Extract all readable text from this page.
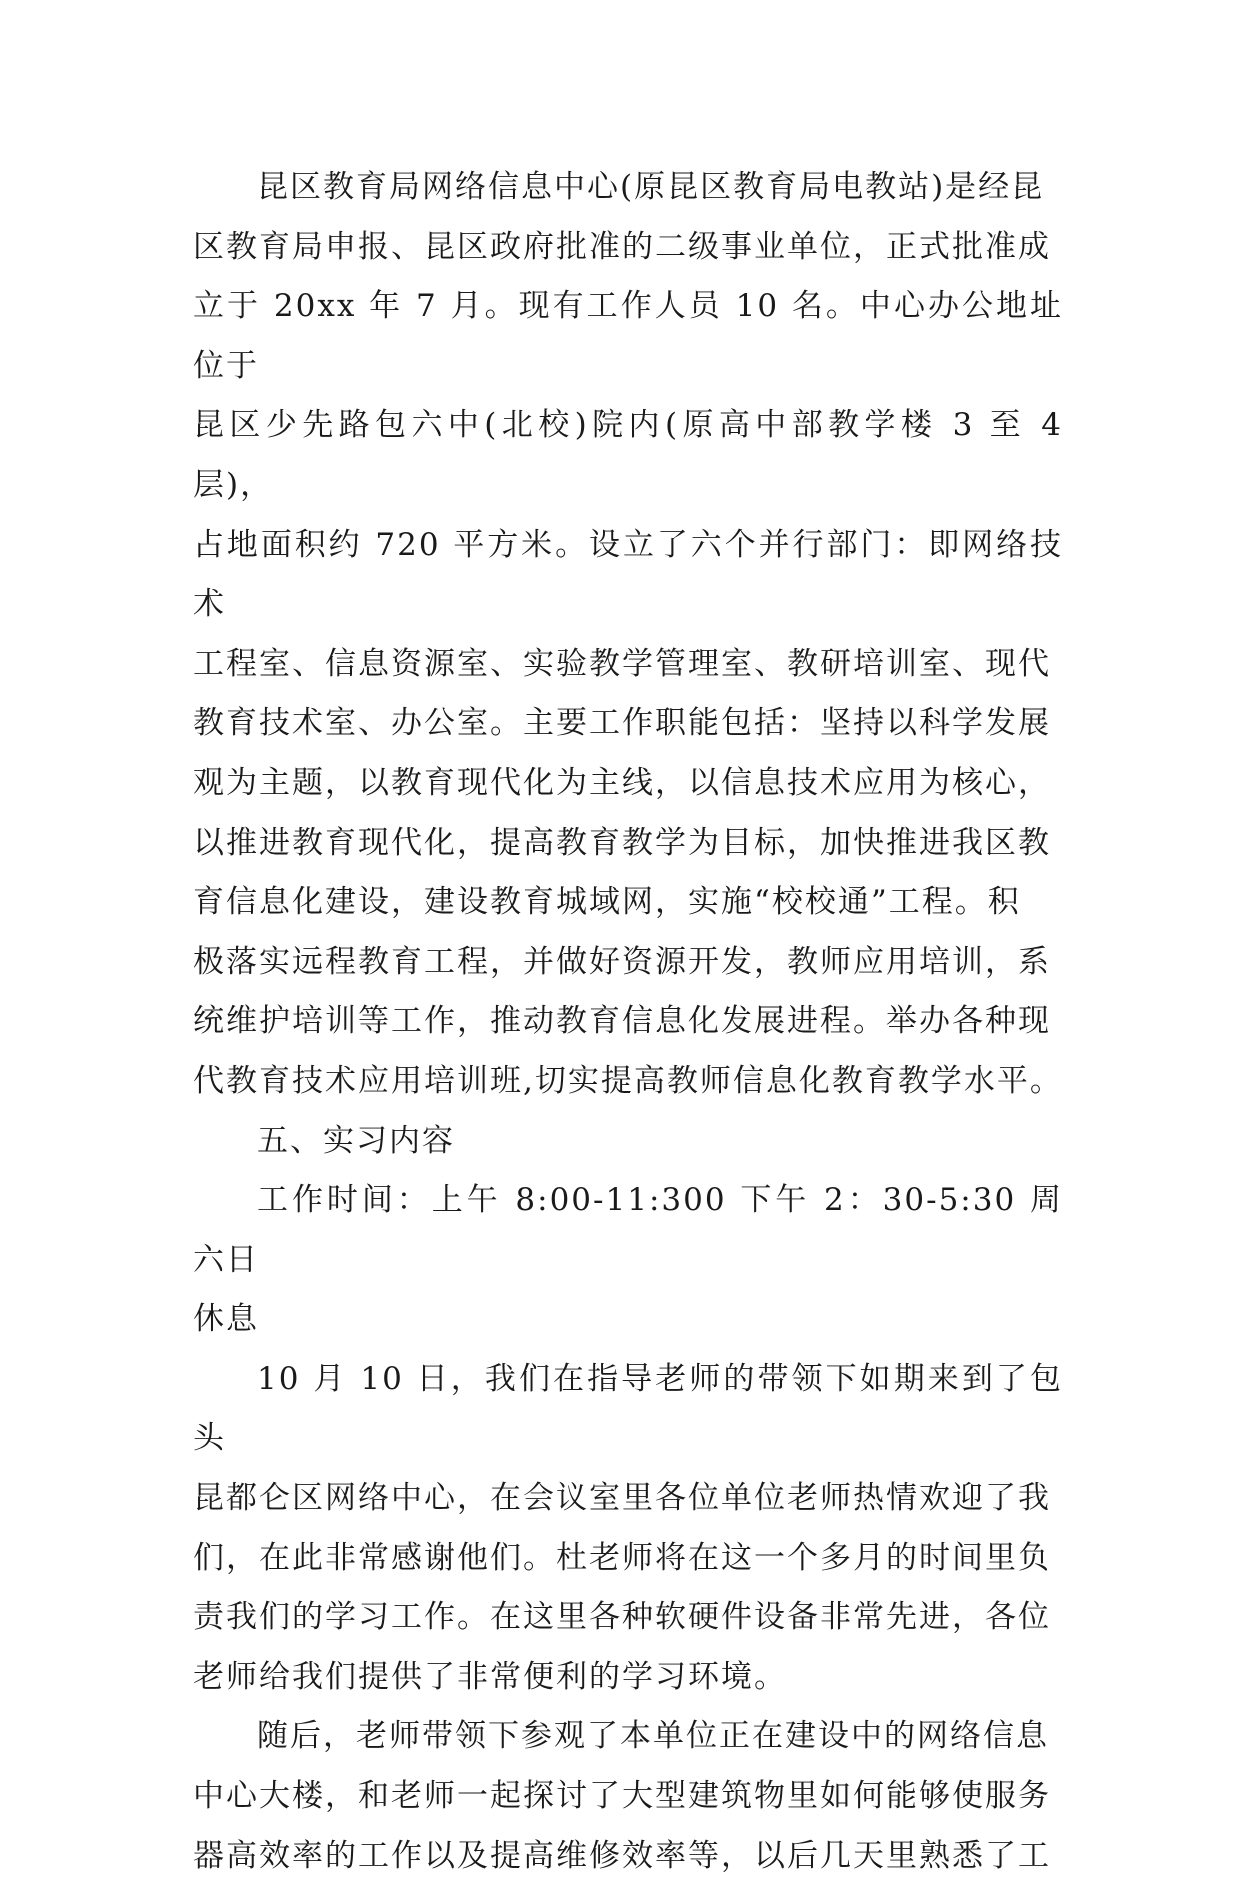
昆区教育局网络信息中心(原昆区教育局电教站)是经昆
区教育局申报、昆区政府批准的二级事业单位，正式批准成
立于 20xx 年 7 月。现有工作人员 10 名。中心办公地址位于
昆区少先路包六中(北校)院内(原高中部教学楼 3 至 4 层)，
占地面积约 720 平方米。设立了六个并行部门：即网络技术
工程室、信息资源室、实验教学管理室、教研培训室、现代
教育技术室、办公室。主要工作职能包括：坚持以科学发展
观为主题，以教育现代化为主线，以信息技术应用为核心，
以推进教育现代化，提高教育教学为目标，加快推进我区教
育信息化建设，建设教育城域网，实施“校校通”工程。积
极落实远程教育工程，并做好资源开发，教师应用培训，系
统维护培训等工作，推动教育信息化发展进程。举办各种现
代教育技术应用培训班,切实提高教师信息化教育教学水平。

五、实习内容

工作时间：上午 8:00-11:300 下午 2：30-5:30 周六日
休息

10 月 10 日，我们在指导老师的带领下如期来到了包头
昆都仑区网络中心，在会议室里各位单位老师热情欢迎了我
们，在此非常感谢他们。杜老师将在这一个多月的时间里负
责我们的学习工作。在这里各种软硬件设备非常先进，各位
老师给我们提供了非常便利的学习环境。

随后，老师带领下参观了本单位正在建设中的网络信息
中心大楼，和老师一起探讨了大型建筑物里如何能够使服务
器高效率的工作以及提高维修效率等，以后几天里熟悉了工
